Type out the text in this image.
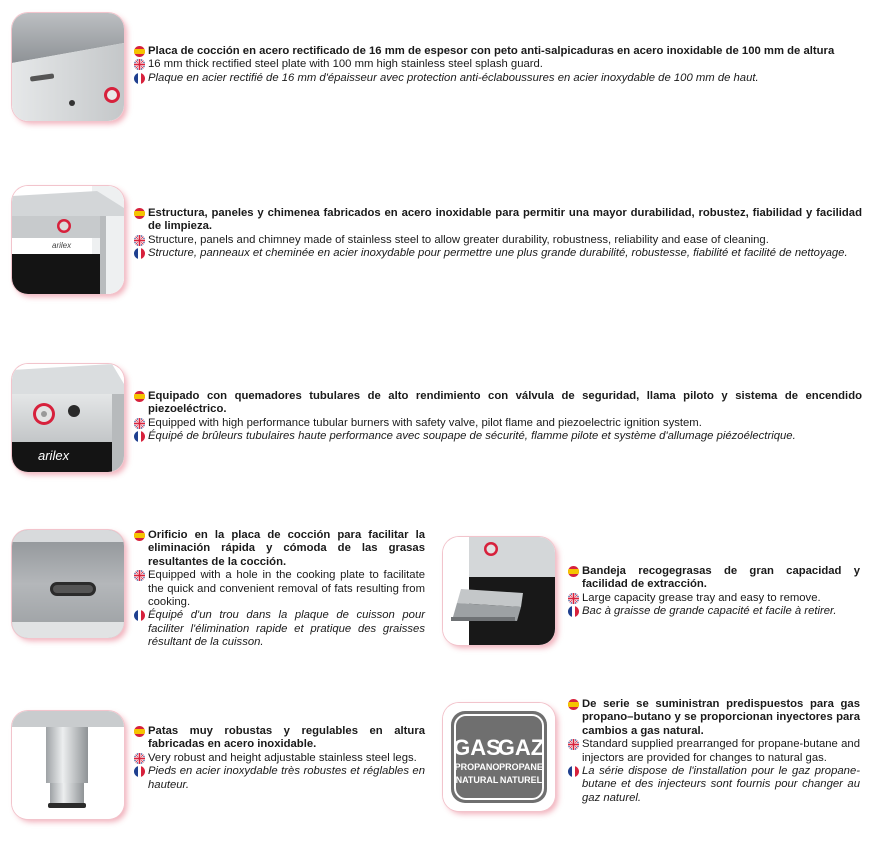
Placa de cocción en acero rectificado de 16 mm de espesor con peto anti-salpicaduras en acero inoxidable de 100 mm de altura
16 mm thick rectified steel plate with 100 mm high stainless steel splash guard.
Plaque en acier rectifié de 16 mm d'épaisseur avec protection anti-éclaboussures en acier inoxydable de 100 mm de haut.
arilex
Estructura, paneles y chimenea fabricados en acero inoxidable para permitir una mayor durabilidad, robustez, fiabilidad y facilidad de limpieza.
Structure, panels and chimney made of stainless steel to allow greater durability, robustness, reliability and ease of cleaning.
Structure, panneaux et cheminée en acier inoxydable pour permettre une plus grande durabilité, robustesse, fiabilité et facilité de nettoyage.
arilex
Equipado con quemadores tubulares de alto rendimiento con válvula de seguridad, llama piloto y sistema de encendido piezoeléctrico.
Equipped with high performance tubular burners with safety valve, pilot flame and piezoelectric ignition system.
Équipé de brûleurs tubulaires haute performance avec soupape de sécurité, flamme pilote et système d'allumage piézoélectrique.
Orificio en la placa de cocción para facilitar la eliminación rápida y cómoda de las grasas resultantes de la cocción.
Equipped with a hole in the cooking plate to facilitate the quick and convenient removal of fats resulting from cooking.
Équipé d'un trou dans la plaque de cuisson pour faciliter l'élimination rapide et pratique des graisses résultant de la cuisson.
Bandeja recogegrasas de gran capacidad y facilidad de extracción.
Large capacity grease tray and easy to remove.
Bac à graisse de grande capacité et facile à retirer.
Patas muy robustas y regulables en altura fabricadas en acero inoxidable.
Very robust and height adjustable stainless steel legs.
Pieds en acier inoxydable très robustes et réglables en hauteur.
GAS
GAZ
PROPANO PROPANE
NATURAL NATUREL
De serie se suministran predispuestos para gas propano–butano y se proporcionan inyectores para cambios a gas natural.
Standard supplied prearranged for propane-butane and injectors are provided for changes to natural gas.
La série dispose de l'installation pour le gaz propane-butane et des injecteurs sont fournis pour changer au gaz naturel.
